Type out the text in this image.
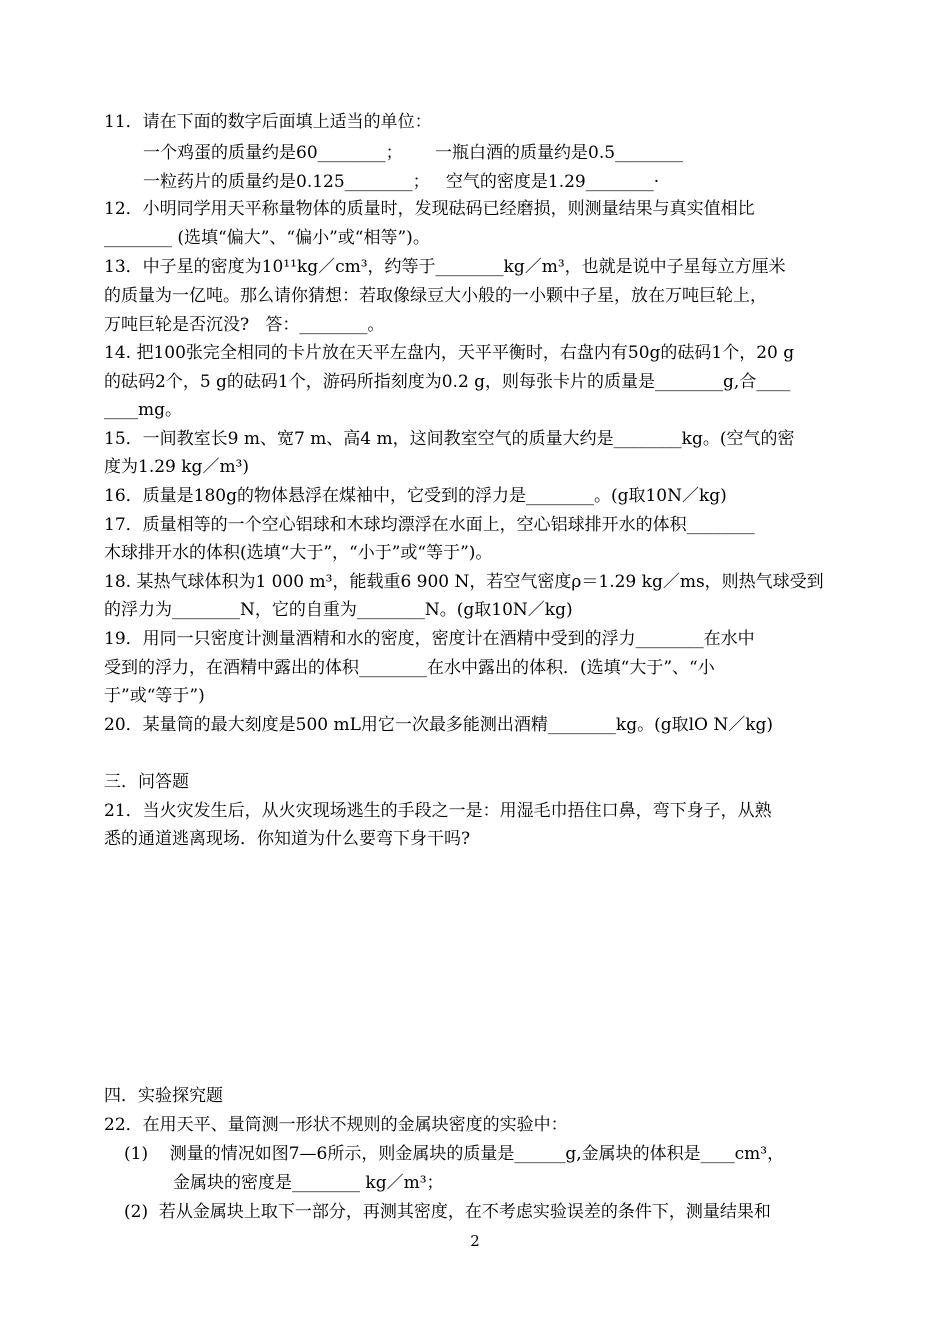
11．请在下面的数字后面填上适当的单位：
一个鸡蛋的质量约是60________；      一瓶白酒的质量约是0.5________
一粒药片的质量约是0.125________；   空气的密度是1.29________·
12．小明同学用天平称量物体的质量时，发现砝码已经磨损，则测量结果与真实值相比
________ (选填“偏大”、“偏小”或“相等”)。
13．中子星的密度为10¹¹kg／cm³，约等于________kg／m³，也就是说中子星每立方厘米
的质量为一亿吨。那么请你猜想：若取像绿豆大小般的一小颗中子星，放在万吨巨轮上，
万吨巨轮是否沉没?   答：________。
14. 把100张完全相同的卡片放在天平左盘内，天平平衡时，右盘内有50g的砝码1个，20 g
的砝码2个，5 g的砝码1个，游码所指刻度为0.2 g，则每张卡片的质量是________g,合____
____mg。
15．一间教室长9 m、宽7 m、高4 m，这间教室空气的质量大约是________kg。(空气的密
度为1.29 kg／m³)
16．质量是180g的物体悬浮在煤袖中，它受到的浮力是________。(g取10N／kg)
17．质量相等的一个空心铝球和木球均漂浮在水面上，空心铝球排开水的体积________
木球排开水的体积(选填“大于”，“小于”或“等于”)。
18. 某热气球体积为1 000 m³，能载重6 900 N，若空气密度ρ＝1.29 kg／ms，则热气球受到
的浮力为________N，它的自重为________N。(g取10N／kg)
19．用同一只密度计测量酒精和水的密度，密度计在酒精中受到的浮力________在水中
受到的浮力，在酒精中露出的体积________在水中露出的体积．(选填“大于”、“小
于”或“等于”)
20．某量筒的最大刻度是500 mL用它一次最多能测出酒精________kg。(g取lO N／kg)
三．问答题
21．当火灾发生后，从火灾现场逃生的手段之一是：用湿毛巾捂住口鼻，弯下身子，从熟
悉的通道逃离现场．你知道为什么要弯下身干吗?
四．实验探究题
22．在用天平、量筒测一形状不规则的金属块密度的实验中：
(1)    测量的情况如图7—6所示，则金属块的质量是______g,金属块的体积是____cm³，
金属块的密度是________ kg／m³；
(2)  若从金属块上取下一部分，再测其密度，在不考虑实验误差的条件下，测量结果和
2
